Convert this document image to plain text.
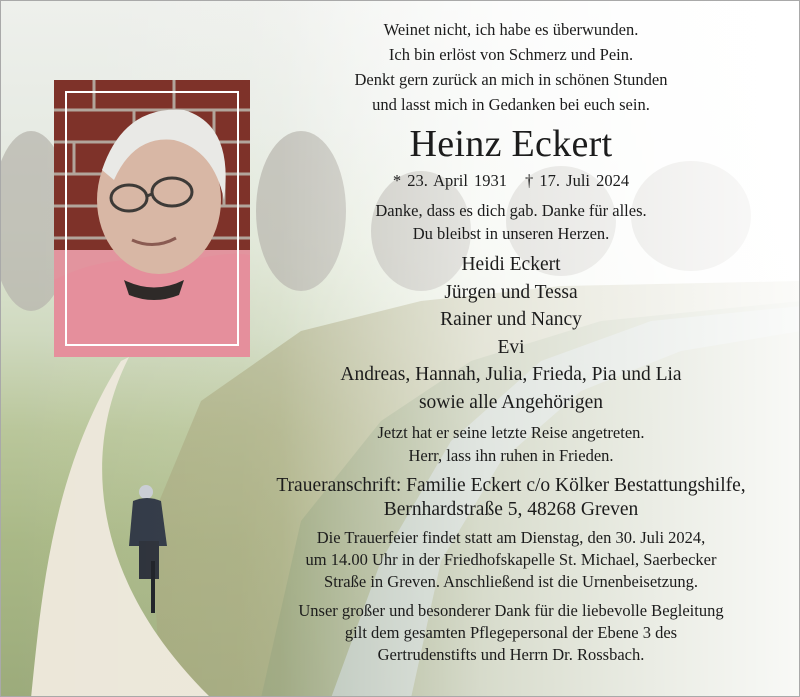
Weinet nicht, ich habe es überwunden.
Ich bin erlöst von Schmerz und Pein.
Denkt gern zurück an mich in schönen Stunden
und lasst mich in Gedanken bei euch sein.
Heinz Eckert
* 23. April 1931 † 17. Juli 2024
Danke, dass es dich gab. Danke für alles.
Du bleibst in unseren Herzen.
Heidi Eckert
Jürgen und Tessa
Rainer und Nancy
Evi
Andreas, Hannah, Julia, Frieda, Pia und Lia
sowie alle Angehörigen
Jetzt hat er seine letzte Reise angetreten.
Herr, lass ihn ruhen in Frieden.
Traueranschrift: Familie Eckert c/o Kölker Bestattungshilfe,
Bernhardstraße 5, 48268 Greven
Die Trauerfeier findet statt am Dienstag, den 30. Juli 2024,
um 14.00 Uhr in der Friedhofskapelle St. Michael, Saerbecker
Straße in Greven. Anschließend ist die Urnenbeisetzung.
Unser großer und besonderer Dank für die liebevolle Begleitung
gilt dem gesamten Pflegepersonal der Ebene 3 des
Gertrudenstifts und Herrn Dr. Rossbach.
